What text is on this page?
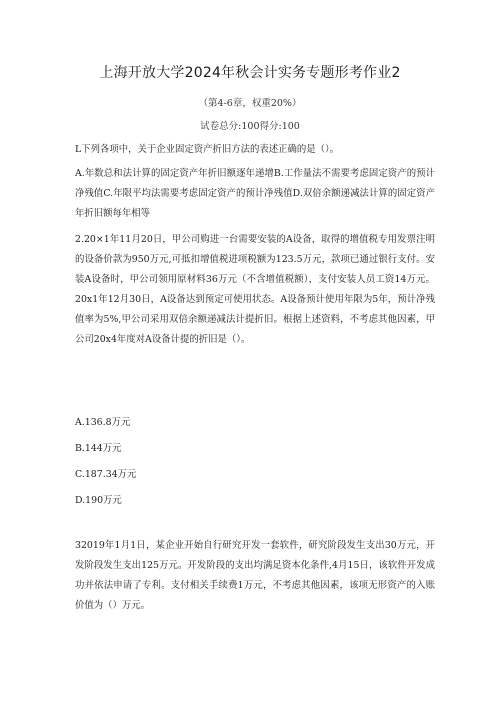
上海开放大学2024年秋会计实务专题形考作业2
（第4-6章，权重20%）
试卷总分:100得分:100
L下列各项中，关于企业固定资产折旧方法的表述正确的是（）。
A.年数总和法计算的固定资产年折旧额逐年递增B.工作量法不需要考虑固定资产的预计净残值C.年限平均法需要考虑固定资产的预计净残值D.双倍余额递减法计算的固定资产年折旧额每年相等
2.20×1年11月20日，甲公司购进一台需要安装的A设备，取得的增值税专用发票注明的设备价款为950万元,可抵扣增值税进项税额为123.5万元，款项已通过银行支付。安装A设备时，甲公司领用原材料36万元（不含增值税额），支付安装人员工资14万元。20x1年12月30日，A设备达到预定可使用状态。A设备预计使用年限为5年，预计净残值率为5%,甲公司采用双倍余额递减法计提折旧。根据上述资料，不考虑其他因素，甲公司20x4年度对A设备计提的折旧是（）。
A.136.8万元
B.144万元
C.187.34万元
D.190万元
32019年1月1日，某企业开始自行研究开发一套软件，研究阶段发生支出30万元，开发阶段发生支出125万元。开发阶段的支出均满足资本化条件,4月15日，该软件开发成功并依法申请了专利。支付相关手续费1万元，不考虑其他因素，该项无形资产的入账价值为（）万元。
